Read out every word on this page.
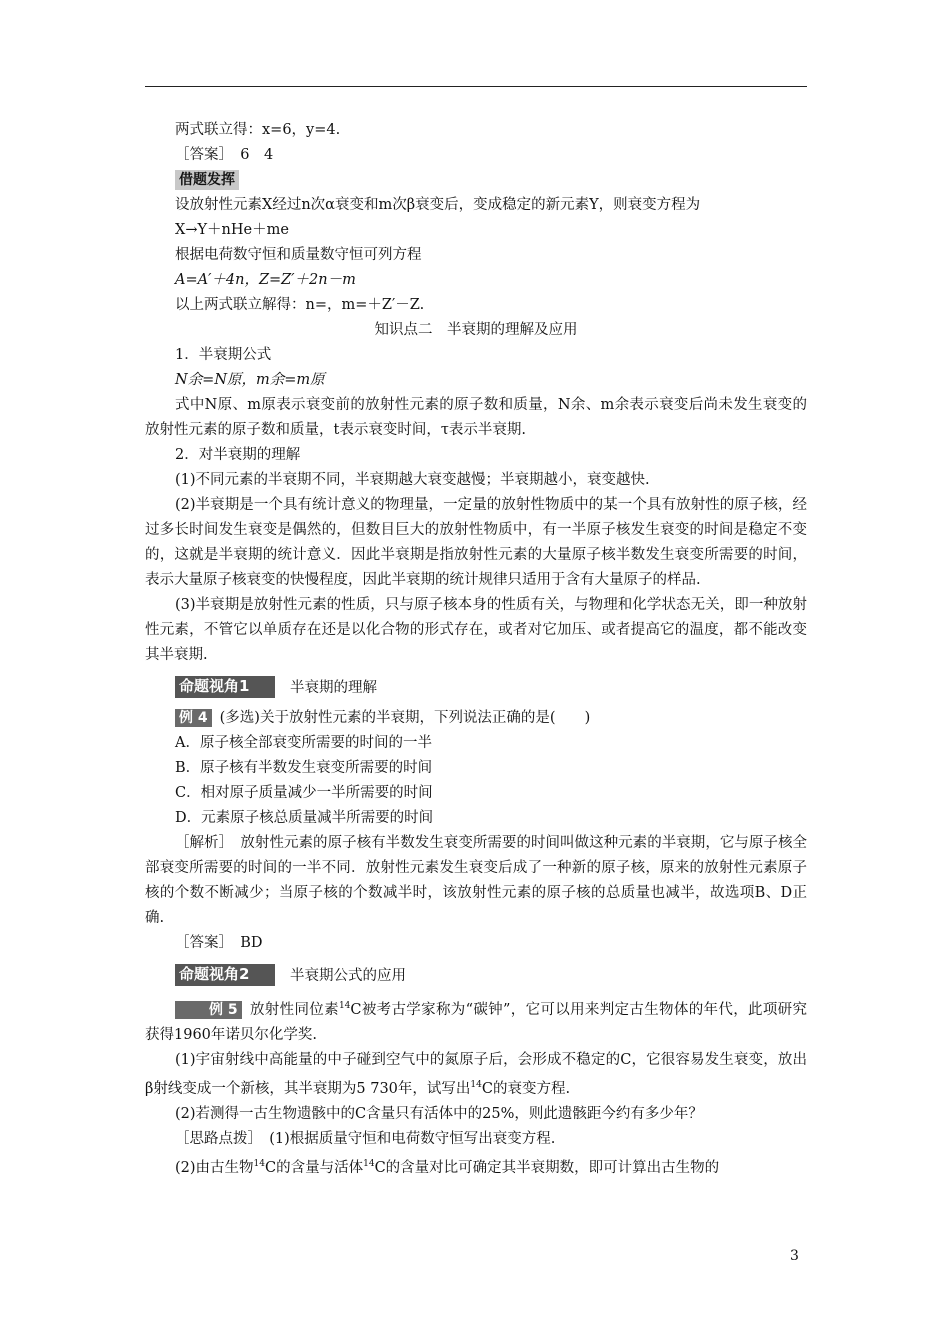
两式联立得：x=6，y=4.
［答案］　6　4
借题发挥
设放射性元素X经过n次α衰变和m次β衰变后，变成稳定的新元素Y，则衰变方程为
X→Y＋nHe＋me
根据电荷数守恒和质量数守恒可列方程
A=A′＋4n，Z=Z′＋2n－m
以上两式联立解得：n=，m=＋Z′－Z.
知识点二　半衰期的理解及应用
1．半衰期公式
N余=N原，m余=m原
式中N原、m原表示衰变前的放射性元素的原子数和质量，N余、m余表示衰变后尚未发生衰变的放射性元素的原子数和质量，t表示衰变时间，τ表示半衰期.
2．对半衰期的理解
(1)不同元素的半衰期不同，半衰期越大衰变越慢；半衰期越小，衰变越快.
(2)半衰期是一个具有统计意义的物理量，一定量的放射性物质中的某一个具有放射性的原子核，经过多长时间发生衰变是偶然的，但数目巨大的放射性物质中，有一半原子核发生衰变的时间是稳定不变的，这就是半衰期的统计意义．因此半衰期是指放射性元素的大量原子核半数发生衰变所需要的时间，表示大量原子核衰变的快慢程度，因此半衰期的统计规律只适用于含有大量原子的样品.
(3)半衰期是放射性元素的性质，只与原子核本身的性质有关，与物理和化学状态无关，即一种放射性元素，不管它以单质存在还是以化合物的形式存在，或者对它加压、或者提高它的温度，都不能改变其半衰期.
命题视角1	半衰期的理解
例 4 (多选)关于放射性元素的半衰期，下列说法正确的是(　　)
A．原子核全部衰变所需要的时间的一半
B．原子核有半数发生衰变所需要的时间
C．相对原子质量减少一半所需要的时间
D．元素原子核总质量减半所需要的时间
［解析］　放射性元素的原子核有半数发生衰变所需要的时间叫做这种元素的半衰期，它与原子核全部衰变所需要的时间的一半不同．放射性元素发生衰变后成了一种新的原子核，原来的放射性元素原子核的个数不断减少；当原子核的个数减半时，该放射性元素的原子核的总质量也减半，故选项B、D正确.
［答案］　BD
命题视角2	半衰期公式的应用
例 5 放射性同位素$^{14}$C被考古学家称为“碳钟”，它可以用来判定古生物体的年代，此项研究获得1960年诺贝尔化学奖.
(1)宇宙射线中高能量的中子碰到空气中的氮原子后，会形成不稳定的C，它很容易发生衰变，放出β射线变成一个新核，其半衰期为5 730年，试写出$^{14}$C的衰变方程.
(2)若测得一古生物遗骸中的C含量只有活体中的25%，则此遗骸距今约有多少年？
［思路点拨］　(1)根据质量守恒和电荷数守恒写出衰变方程.
(2)由古生物$^{14}$C的含量与活体$^{14}$C的含量对比可确定其半衰期数，即可计算出古生物的
3
